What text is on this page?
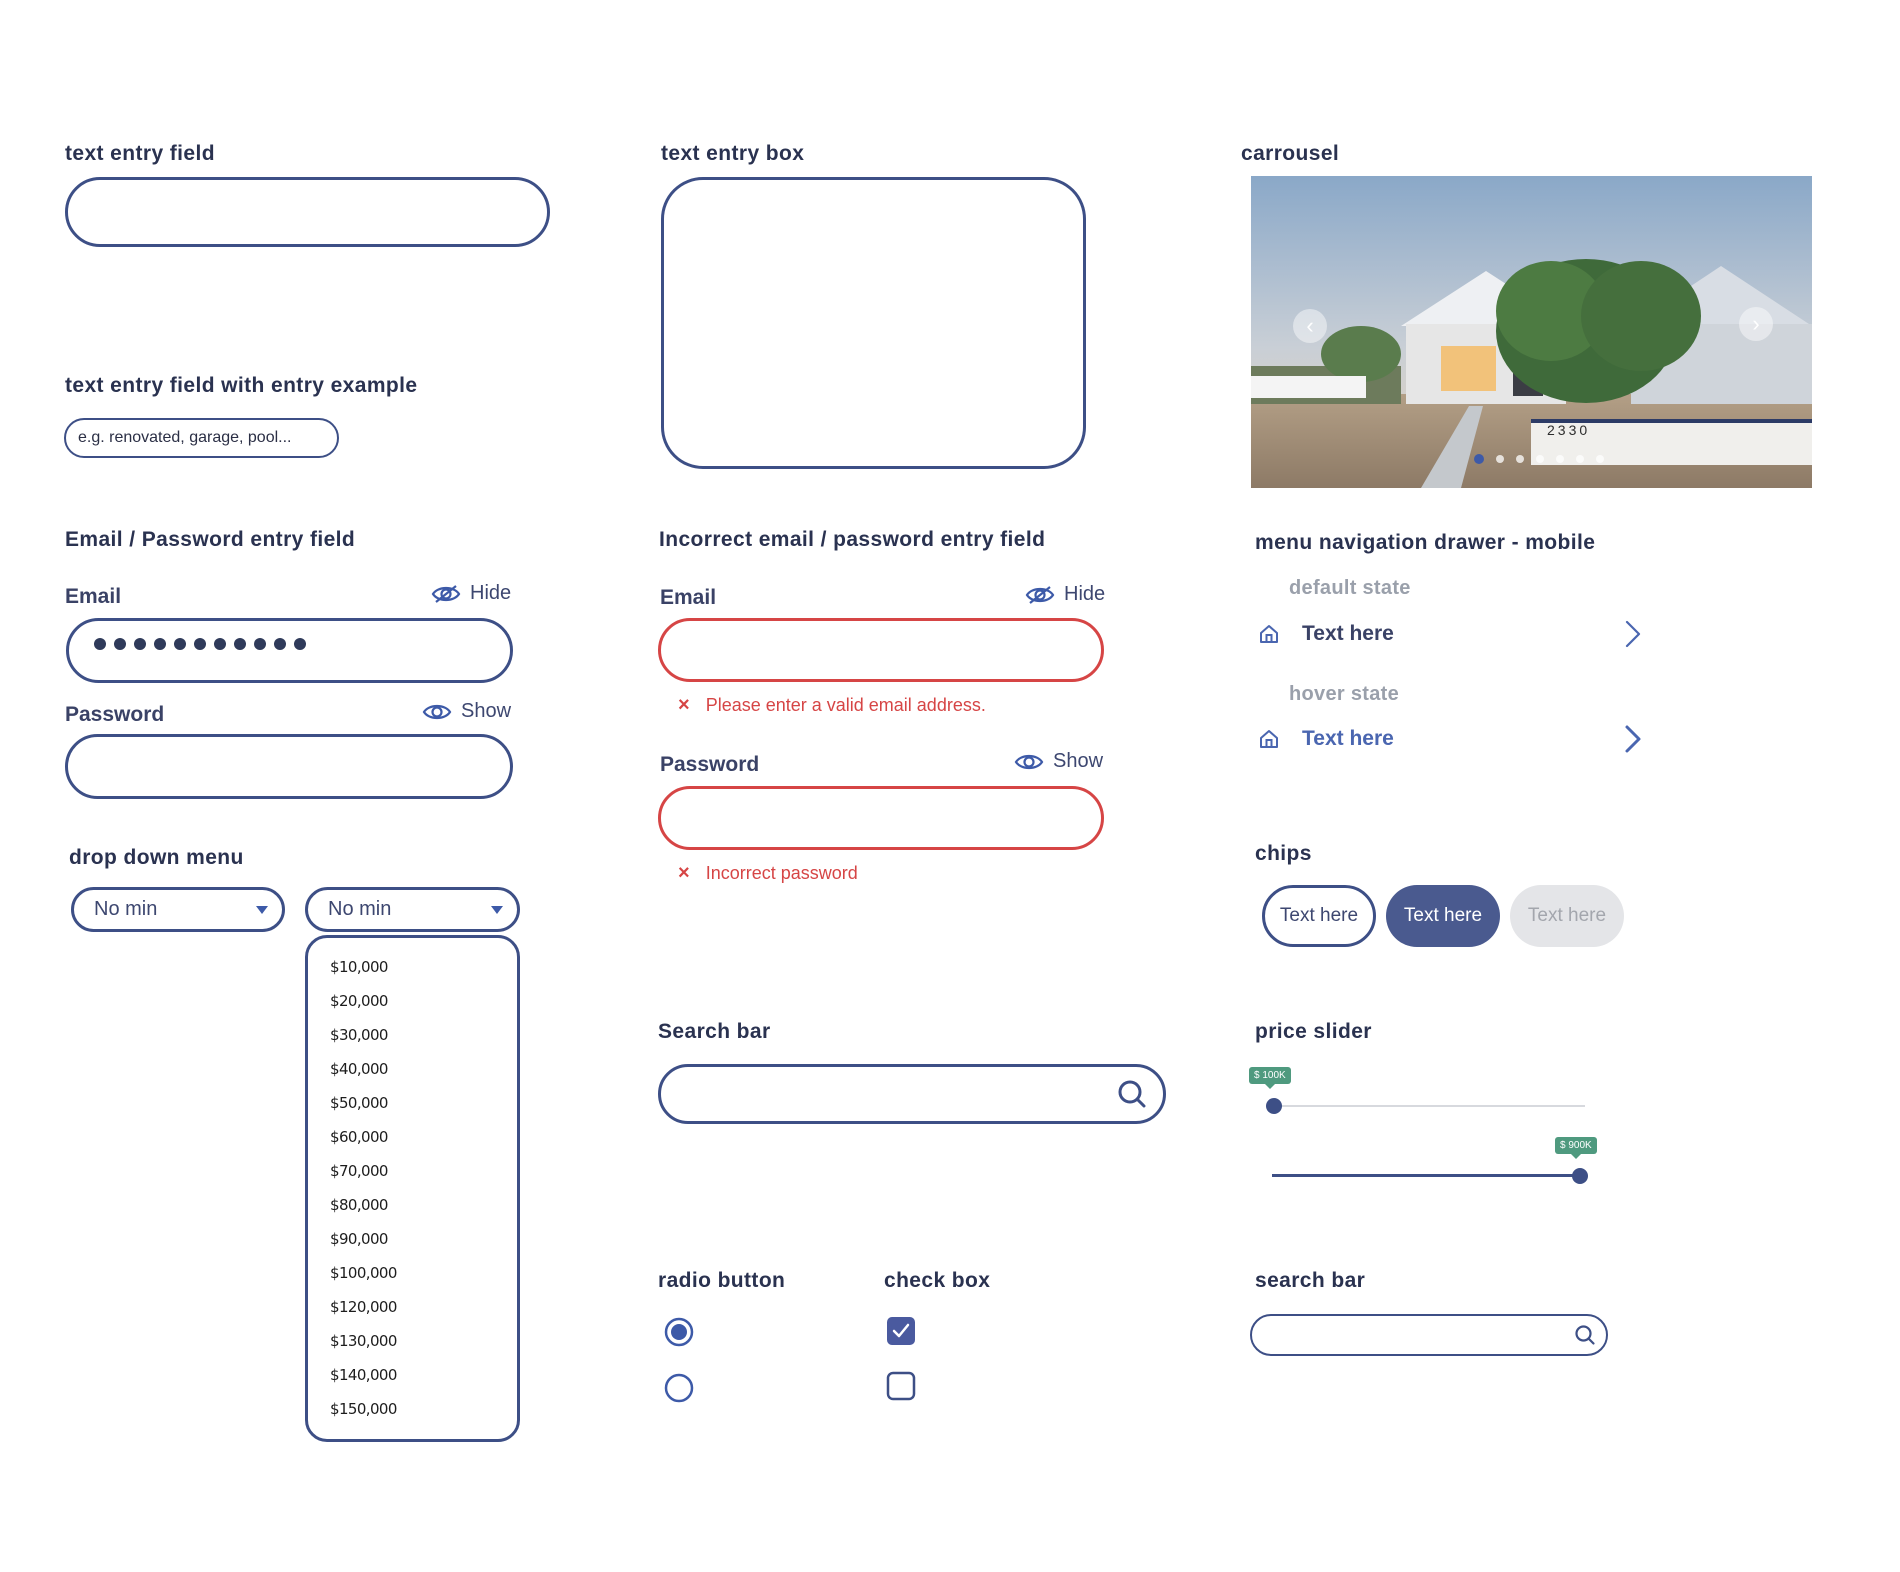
text entry field
text entry field with entry example
e.g. renovated, garage, pool...
Email / Password entry field
Email	Hide
Password	Show
drop down menu
No min	No min
$10,000
$20,000
$30,000
$40,000
$50,000
$60,000
$70,000
$80,000
$90,000
$100,000
$120,000
$130,000
$140,000
$150,000
text entry box
Incorrect email / password entry field
Email	Hide
× Please enter a valid email address.
Password	Show
× Incorrect password
Search bar
radio button	check box
carrousel
‹	›
2330
menu navigation drawer - mobile
default state
Text here
hover state
Text here
chips
Text here	Text here	Text here
price slider
$ 100K
$ 900K
search bar
